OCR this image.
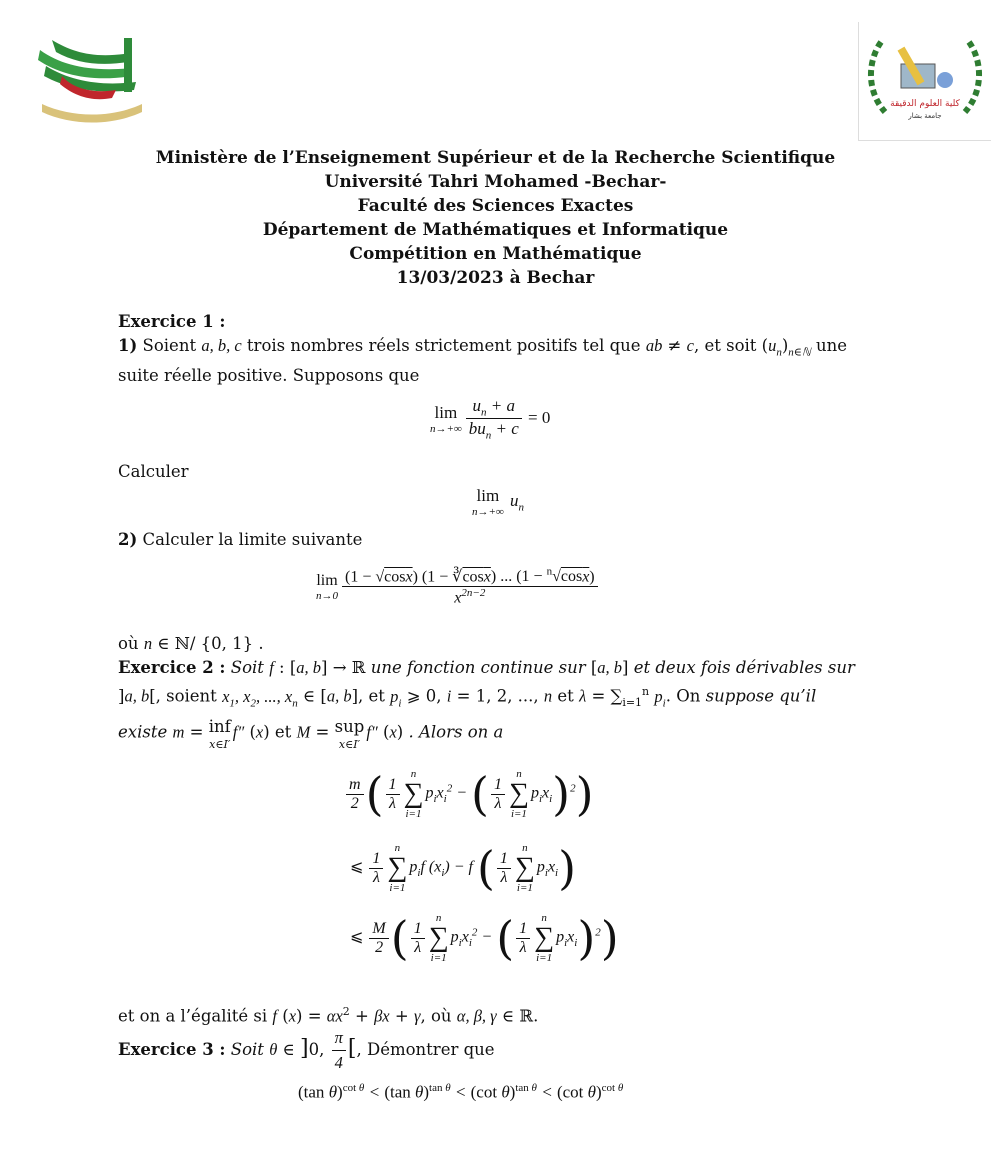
كلية العلوم الدقيقة
جامعة بشار
Ministère de l’Enseignement Supérieur et de la Recherche Scientifique
Université Tahri Mohamed -Bechar-
Faculté des Sciences Exactes
Département de Mathématiques et Informatique
Compétition en Mathématique
13/03/2023 à Bechar
Exercice 1 :
1) Soient a, b, c trois nombres réels strictement positifs tel que ab ≠ c, et soit $(u_n)_{n\in ℕ}$ une
suite réelle positive. Supposons que
lim
$n\to+\infty \frac{u_n + a}{bu_n + c} = 0$
Calculer
lim
n→+∞
$u_n$
2) Calculer la limite suivante
lim
$n\to 0 \frac{(1 - √\cos\overline{x}) (1 - ∛\overline{cos}\overline{x}) ... (1 - ^n√\cos\overline{x})}{x^{2n-2}}$
où n ∈ ℕ/ {0, 1} .
Exercice 2 : Soit f : [a, b] → ℝ une fonction continue sur [a, b] et deux fois dérivables sur
]a, b[, soient $x_1$, $x_2$, ..., $x_n$ ∈ [a, b], et $p_i$ ⩾ 0, i = 1, 2, ..., n et $\lambda = \sum_{i=1}^n$ $p_i$. On suppose qu’il
existe m = inf
x∈I′
f″ (x) et M = sup
x∈I′
f″ (x) . Alors on a
$\frac{m}{2}$ ( $\frac{1}{\lambda}$
n
∑
i=1
$p_ix_i^2$ − ( $\frac{1}{\lambda}$
n
∑
i=1
$p_ix_i)^2$)
⩽ $\frac{1}{\lambda}$
n
∑
i=1
$p_if$ $(x_i) - f$ ( $\frac{1}{\lambda}$
n
∑
i=1
$p_ix_i$)
⩽ $\frac{M}{2}$ ( $\frac{1}{\lambda}$
n
∑
i=1
$p_ix_i^2$ − ( $\frac{1}{\lambda}$
n
∑
i=1
$p_ix_i)^2$)
et on a l’égalité si f $(x) = \alpha x^2 + \beta x + \gamma$, où α, β, γ ∈ ℝ.
Exercice 3 : Soit θ ∈ ]0, $\frac{\pi}{4}$ [, Démontrer que
(tan θ)$^{cot \theta}$ < (tan θ)$^{tan \theta}$ < (cot θ)$^{tan \theta}$ < (cot θ)$^{cot \theta}$
